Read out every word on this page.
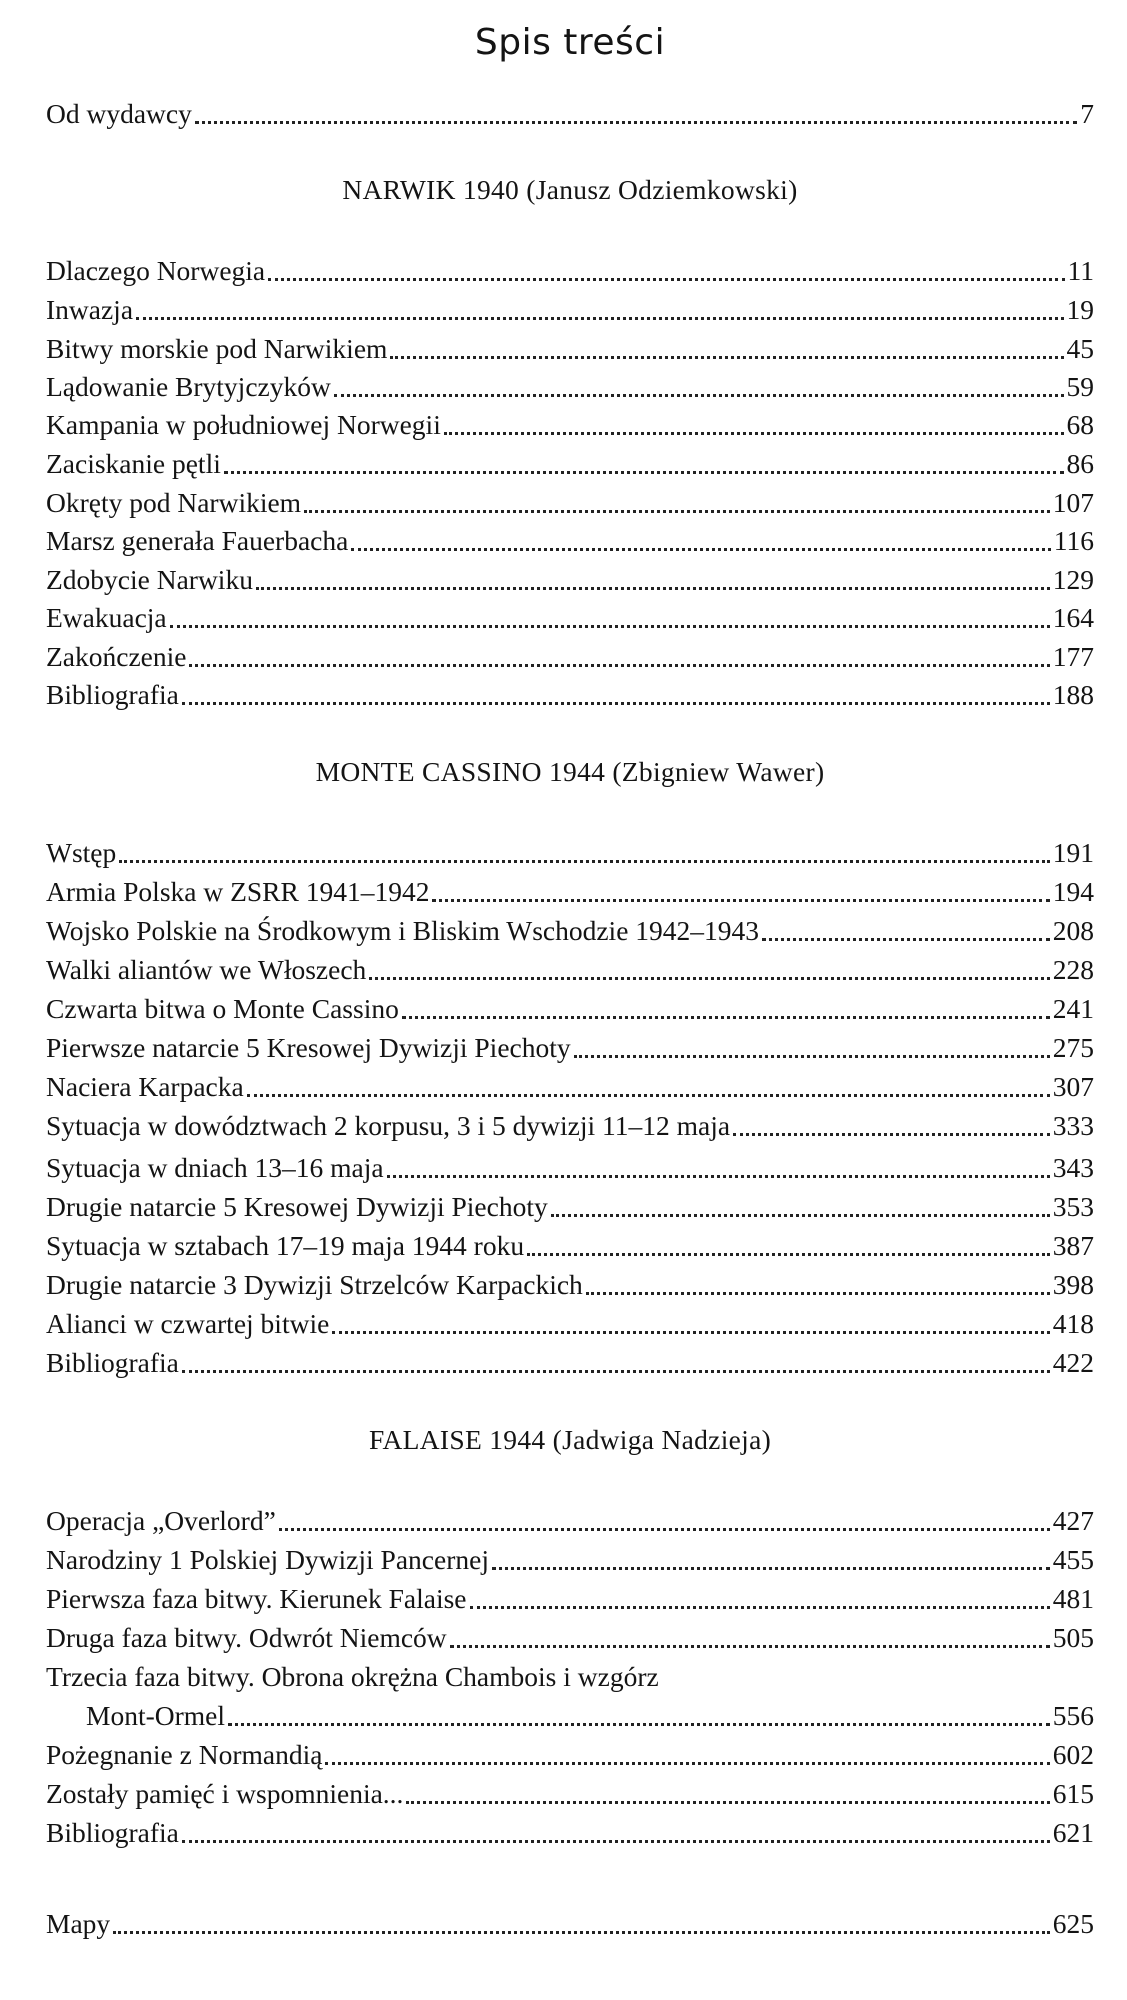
Spis treści
Od wydawcy	7
NARWIK 1940 (Janusz Odziemkowski)
Dlaczego Norwegia	11
Inwazja	19
Bitwy morskie pod Narwikiem	45
Lądowanie Brytyjczyków	59
Kampania w południowej Norwegii	68
Zaciskanie pętli	86
Okręty pod Narwikiem	107
Marsz generała Fauerbacha	116
Zdobycie Narwiku	129
Ewakuacja	164
Zakończenie	177
Bibliografia	188
MONTE CASSINO 1944 (Zbigniew Wawer)
Wstęp	191
Armia Polska w ZSRR 1941–1942	194
Wojsko Polskie na Środkowym i Bliskim Wschodzie 1942–1943	208
Walki aliantów we Włoszech	228
Czwarta bitwa o Monte Cassino	241
Pierwsze natarcie 5 Kresowej Dywizji Piechoty	275
Naciera Karpacka	307
Sytuacja w dowództwach 2 korpusu, 3 i 5 dywizji 11–12 maja	333
Sytuacja w dniach 13–16 maja	343
Drugie natarcie 5 Kresowej Dywizji Piechoty	353
Sytuacja w sztabach 17–19 maja 1944 roku	387
Drugie natarcie 3 Dywizji Strzelców Karpackich	398
Alianci w czwartej bitwie	418
Bibliografia	422
FALAISE 1944 (Jadwiga Nadzieja)
Operacja „Overlord”	427
Narodziny 1 Polskiej Dywizji Pancernej	455
Pierwsza faza bitwy. Kierunek Falaise	481
Druga faza bitwy. Odwrót Niemców	505
Trzecia faza bitwy. Obrona okrężna Chambois i wzgórz
Mont-Ormel	556
Pożegnanie z Normandią	602
Zostały pamięć i wspomnienia...	615
Bibliografia	621
Mapy	625
